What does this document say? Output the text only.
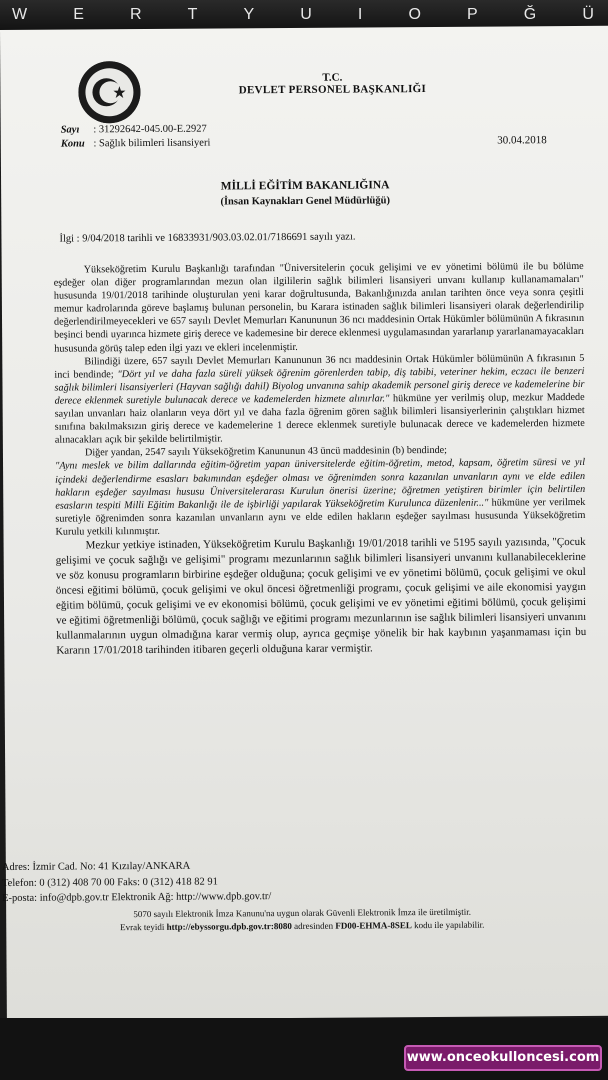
W	E	R	T	Y	U	I	O	P	Ğ	Ü
T.C.
DEVLET PERSONEL BAŞKANLIĞI
Sayı : 31292642-045.00-E.2927
Konu : Sağlık bilimleri lisansiyeri	30.04.2018
MİLLİ EĞİTİM BAKANLIĞINA
(İnsan Kaynakları Genel Müdürlüğü)
İlgi : 9/04/2018 tarihli ve 16833931/903.03.02.01/7186691 sayılı yazı.

Yükseköğretim Kurulu Başkanlığı tarafından "Üniversitelerin çocuk gelişimi ve ev yönetimi bölümü ile bu bölüme eşdeğer olan diğer programlarından mezun olan ilgililerin sağlık bilimleri lisansiyeri unvanı kullanıp kullanamamaları" hususunda 19/01/2018 tarihinde oluşturulan yeni karar doğrultusunda, Bakanlığınızda anılan tarihten önce veya sonra çeşitli memur kadrolarında göreve başlamış bulunan personelin, bu Karara istinaden sağlık bilimleri lisansiyeri olarak değerlendirilip değerlendirilmeyecekleri ve 657 sayılı Devlet Memurları Kanununun 36 ncı maddesinin Ortak Hükümler bölümünün A fıkrasının beşinci bendi uyarınca hizmete giriş derece ve kademesine bir derece eklenmesi uygulamasından yararlanıp yararlanamayacakları hususunda görüş talep eden ilgi yazı ve ekleri incelenmiştir.

Bilindiği üzere, 657 sayılı Devlet Memurları Kanununun 36 ncı maddesinin Ortak Hükümler bölümünün A fıkrasının 5 inci bendinde; "Dört yıl ve daha fazla süreli yüksek öğrenim görenlerden tabip, diş tabibi, veteriner hekim, eczacı ile benzeri sağlık bilimleri lisansiyerleri (Hayvan sağlığı dahil) Biyolog unvanına sahip akademik personel giriş derece ve kademelerine bir derece eklenmek suretiyle bulunacak derece ve kademelerden hizmete alınırlar." hükmüne yer verilmiş olup, mezkur Maddede sayılan unvanları haiz olanların veya dört yıl ve daha fazla öğrenim gören sağlık bilimleri lisansiyerlerinin çalıştıkları hizmet sınıfına bakılmaksızın giriş derece ve kademelerine 1 derece eklenmek suretiyle bulunacak derece ve kademelerden hizmete alınacakları açık bir şekilde belirtilmiştir.

Diğer yandan, 2547 sayılı Yükseköğretim Kanununun 43 üncü maddesinin (b) bendinde;

"Aynı meslek ve bilim dallarında eğitim-öğretim yapan üniversitelerde eğitim-öğretim, metod, kapsam, öğretim süresi ve yıl içindeki değerlendirme esasları bakımından eşdeğer olması ve öğrenimden sonra kazanılan unvanların aynı ve elde edilen hakların eşdeğer sayılması hususu Üniversitelerarası Kurulun önerisi üzerine; öğretmen yetiştiren birimler için belirtilen esasların tespiti Milli Eğitim Bakanlığı ile de işbirliği yapılarak Yükseköğretim Kurulunca düzenlenir..." hükmüne yer verilmek suretiyle öğrenimden sonra kazanılan unvanların aynı ve elde edilen hakların eşdeğer sayılması hususunda Yükseköğretim Kurulu yetkili kılınmıştır.

Mezkur yetkiye istinaden, Yükseköğretim Kurulu Başkanlığı 19/01/2018 tarihli ve 5195 sayılı yazısında, "Çocuk gelişimi ve çocuk sağlığı ve gelişimi" programı mezunlarının sağlık bilimleri lisansiyeri unvanını kullanabileceklerine ve söz konusu programların birbirine eşdeğer olduğuna; çocuk gelişimi ve ev yönetimi bölümü, çocuk gelişimi ve okul öncesi eğitimi bölümü, çocuk gelişimi ve okul öncesi öğretmenliği programı, çocuk gelişimi ve aile ekonomisi yaygın eğitim bölümü, çocuk gelişimi ve ev ekonomisi bölümü, çocuk gelişimi ve ev yönetimi eğitimi bölümü, çocuk gelişimi ve eğitimi öğretmenliği bölümü, çocuk sağlığı ve eğitimi programı mezunlarının ise sağlık bilimleri lisansiyeri unvanını kullanmalarının uygun olmadığına karar vermiş olup, ayrıca geçmişe yönelik bir hak kaybının yaşanmaması için bu Kararın 17/01/2018 tarihinden itibaren geçerli olduğuna karar vermiştir.

Adres: İzmir Cad. No: 41 Kızılay/ANKARA
Telefon: 0 (312) 408 70 00 Faks: 0 (312) 418 82 91
E-posta: info@dpb.gov.tr Elektronik Ağ: http://www.dpb.gov.tr/
5070 sayılı Elektronik İmza Kanunu'na uygun olarak Güvenli Elektronik İmza ile üretilmiştir.
Evrak teyidi http://ebyssorgu.dpb.gov.tr:8080 adresinden FD00-EHMA-8SEL kodu ile yapılabilir.
www.onceokulloncesi.com
